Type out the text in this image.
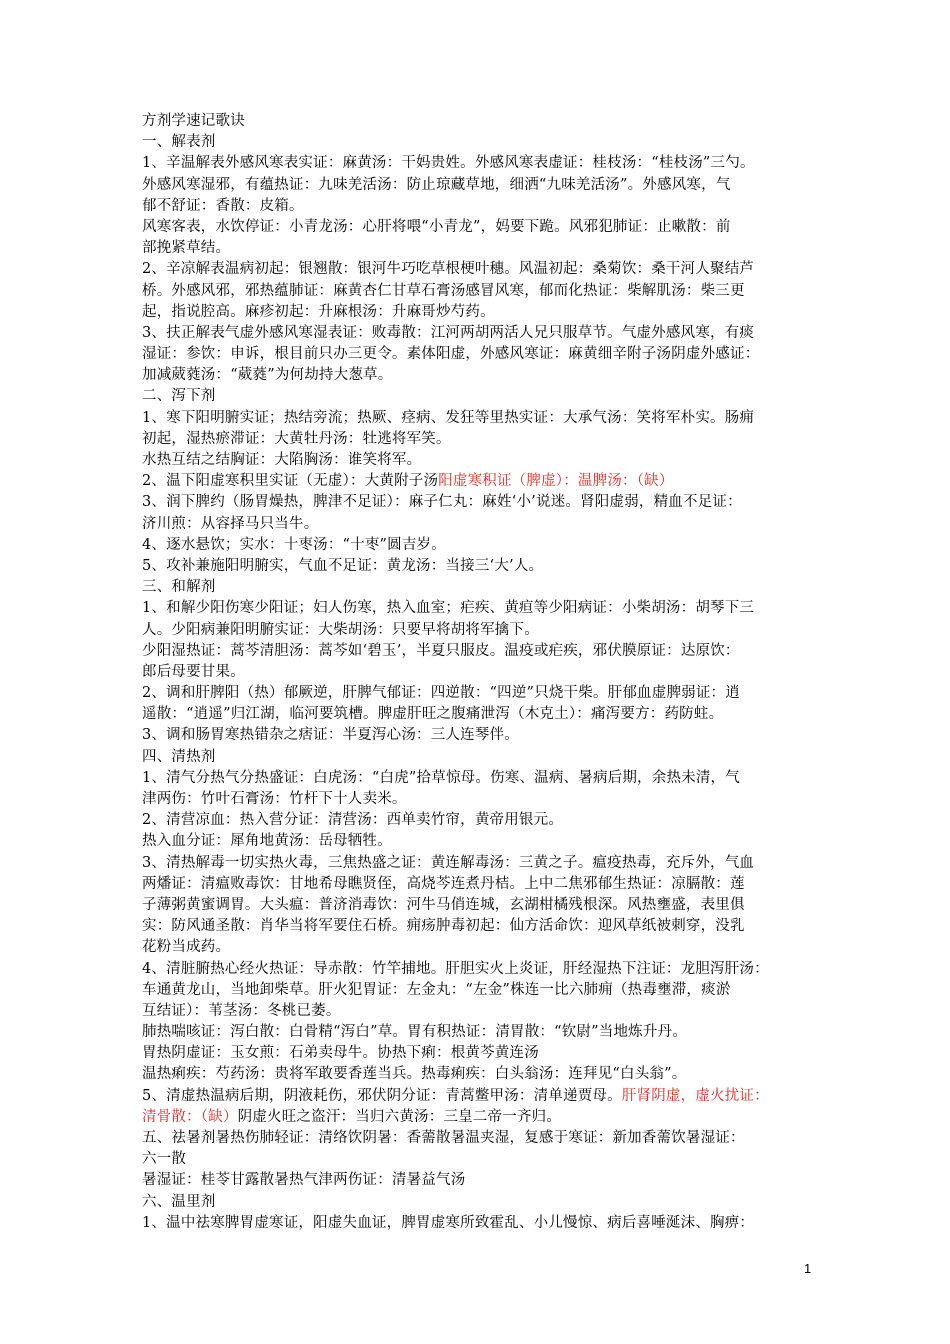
方剂学速记歌诀
一、解表剂
1、辛温解表外感风寒表实证：麻黄汤：干妈贵姓。外感风寒表虚证：桂枝汤：“桂枝汤”三勺。
外感风寒湿邪，有蕴热证：九味羌活汤：防止琼藏草地，细洒“九味羌活汤”。外感风寒，气
郁不舒证：香散：皮箱。
风寒客表，水饮停证：小青龙汤：心肝将喂“小青龙”，妈要下跪。风邪犯肺证：止嗽散：前
部挽紧草结。
2、辛凉解表温病初起：银翘散：银河牛巧吃草根梗叶穗。风温初起：桑菊饮：桑干河人聚结芦
桥。外感风邪，邪热蕴肺证：麻黄杏仁甘草石膏汤感冒风寒，郁而化热证：柴解肌汤：柴三更
起，指说腔高。麻疹初起：升麻根汤：升麻哥炒芍药。
3、扶正解表气虚外感风寒湿表证：败毒散：江河两胡两活人兄只服草节。气虚外感风寒，有痰
湿证：参饮：申诉，根目前只办三更令。素体阳虚，外感风寒证：麻黄细辛附子汤阴虚外感证：
加减葳蕤汤：“葳蕤”为何劫持大葱草。
二、泻下剂
1、寒下阳明腑实证；热结旁流；热厥、痉病、发狂等里热实证：大承气汤：笑将军朴实。肠痈
初起，湿热瘀滞证：大黄牡丹汤：牡逃将军笑。
水热互结之结胸证：大陷胸汤：谁笑将军。
2、温下阳虚寒积里实证（无虚）：大黄附子汤阳虚寒积证（脾虚）：温脾汤：（缺）
3、润下脾约（肠胃燥热，脾津不足证）：麻子仁丸：麻姓‘小’说迷。肾阳虚弱，精血不足证：
济川煎：从容择马只当牛。
4、逐水悬饮；实水：十枣汤：“十枣”圆吉岁。
5、攻补兼施阳明腑实，气血不足证：黄龙汤：当接三‘大’人。
三、和解剂
1、和解少阳伤寒少阳证；妇人伤寒，热入血室；疟疾、黄疸等少阳病证：小柴胡汤：胡琴下三
人。少阳病兼阳明腑实证：大柴胡汤：只要早将胡将军擒下。
少阳湿热证：蒿芩清胆汤：蒿芩如‘碧玉’，半夏只服皮。温疫或疟疾，邪伏膜原证：达原饮：
郎后母要甘果。
2、调和肝脾阳（热）郁厥逆，肝脾气郁证：四逆散：“四逆”只烧干柴。肝郁血虚脾弱证：逍
遥散：“逍遥”归江湖，临河要筑槽。脾虚肝旺之腹痛泄泻（木克土）：痛泻要方：药防蛀。
3、调和肠胃寒热错杂之痞证：半夏泻心汤：三人连琴伴。
四、清热剂
1、清气分热气分热盛证：白虎汤：“白虎”拾草惊母。伤寒、温病、暑病后期，余热未清，气
津两伤：竹叶石膏汤：竹杆下十人卖米。
2、清营凉血：热入营分证：清营汤：西单卖竹帘，黄帝用银元。
热入血分证：犀角地黄汤：岳母牺牲。
3、清热解毒一切实热火毒，三焦热盛之证：黄连解毒汤：三黄之子。瘟疫热毒，充斥外，气血
两燔证：清瘟败毒饮：甘地希母瞧贤侄，高烧芩连煮丹桔。上中二焦邪郁生热证：凉膈散：莲
子薄粥黄蜜调胃。大头瘟：普济消毒饮：河牛马俏连城，玄湖柑橘残根深。风热壅盛，表里俱
实：防风通圣散：肖华当将军要住石桥。痈疡肿毒初起：仙方活命饮：迎风草纸被刺穿，没乳
花粉当成药。
4、清脏腑热心经火热证：导赤散：竹竿捕地。肝胆实火上炎证，肝经湿热下注证：龙胆泻肝汤：
车通黄龙山，当地卸柴草。肝火犯胃证：左金丸：“左金”株连一比六肺痈（热毒壅滞，痰淤
互结证）：苇茎汤：冬桃已萎。
肺热喘咳证：泻白散：白骨精“泻白”草。胃有积热证：清胃散：“钦尉”当地炼升丹。
胃热阴虚证：玉女煎：石弟卖母牛。协热下痢：根黄芩黄连汤
温热痢疾：芍药汤：贵将军敢要香莲当兵。热毒痢疾：白头翁汤：连拜见“白头翁”。
5、清虚热温病后期，阴液耗伤，邪伏阴分证：青蒿鳖甲汤：清单递贾母。肝肾阴虚，虚火扰证：
清骨散：（缺）阴虚火旺之盗汗：当归六黄汤：三皇二帝一齐归。
五、祛暑剂暑热伤肺轻证：清络饮阴暑：香薷散暑温夹湿，复感于寒证：新加香薷饮暑湿证：
六一散
暑湿证：桂苓甘露散暑热气津两伤证：清暑益气汤
六、温里剂
1、温中祛寒脾胃虚寒证，阳虚失血证，脾胃虚寒所致霍乱、小儿慢惊、病后喜唾涎沫、胸痹：
1
